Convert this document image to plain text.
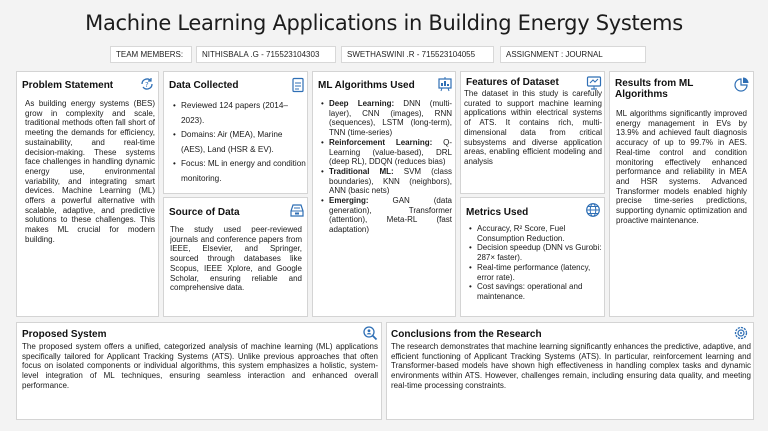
Machine Learning Applications in Building Energy Systems
TEAM MEMBERS:	NITHISBALA .G - 715523104303	SWETHASWINI .R - 715523104055	ASSIGNMENT : JOURNAL
Problem Statement	?
As building energy systems (BES) grow in complexity and scale, traditional methods often fall short of meeting the demands for efficiency, sustainability, and real-time decision-making. These systems face challenges in handling dynamic energy use, environmental variability, and integrating smart devices. Machine Learning (ML) offers a powerful alternative with scalable, adaptive, and predictive solutions to these challenges. This makes ML crucial for modern building.
Data Collected
• Reviewed 124 papers (2014–2023).
• Domains: Air (MEA), Marine (AES), Land (HSR & EV).
• Focus: ML in energy and condition monitoring.
Source of Data
The study used peer-reviewed journals and conference papers from IEEE, Elsevier, and Springer, sourced through databases like Scopus, IEEE Xplore, and Google Scholar, ensuring reliable and comprehensive data.
ML Algorithms Used
• Deep Learning: DNN (multi-layer), CNN (images), RNN (sequences), LSTM (long-term), TNN (time-series)
• Reinforcement Learning: Q-Learning (value-based), DRL (deep RL), DDQN (reduces bias)
• Traditional ML: SVM (class boundaries), KNN (neighbors), ANN (basic nets)
• Emerging: GAN (data generation), Transformer (attention), Meta-RL (fast adaptation)
Features of Dataset
The dataset in this study is carefully curated to support machine learning applications within electrical systems of ATS. It contains rich, multi-dimensional data from critical subsystems and diverse application areas, enabling efficient modeling and analysis
Metrics Used
• Accuracy, R² Score, Fuel Consumption Reduction.
• Decision speedup (DNN vs Gurobi: 287× faster).
• Real-time performance (latency, error rate).
• Cost savings: operational and maintenance.
Results from ML Algorithms
ML algorithms significantly improved energy management in EVs by 13.9% and achieved fault diagnosis accuracy of up to 99.7% in AES. Real-time control and condition monitoring effectively enhanced performance and reliability in MEA and HSR systems. Advanced Transformer models enabled highly precise time-series predictions, supporting dynamic optimization and proactive maintenance.
Proposed System
The proposed system offers a unified, categorized analysis of machine learning (ML) applications specifically tailored for Applicant Tracking Systems (ATS). Unlike previous approaches that often focus on isolated components or individual algorithms, this system emphasizes a holistic, system-level integration of ML techniques, ensuring seamless interaction and enhanced overall performance.
Conclusions from the Research
The research demonstrates that machine learning significantly enhances the predictive, adaptive, and efficient functioning of Applicant Tracking Systems (ATS). In particular, reinforcement learning and Transformer-based models have shown high effectiveness in handling complex tasks and dynamic environments within ATS. However, challenges remain, including ensuring data quality, and meeting real-time processing constraints.
